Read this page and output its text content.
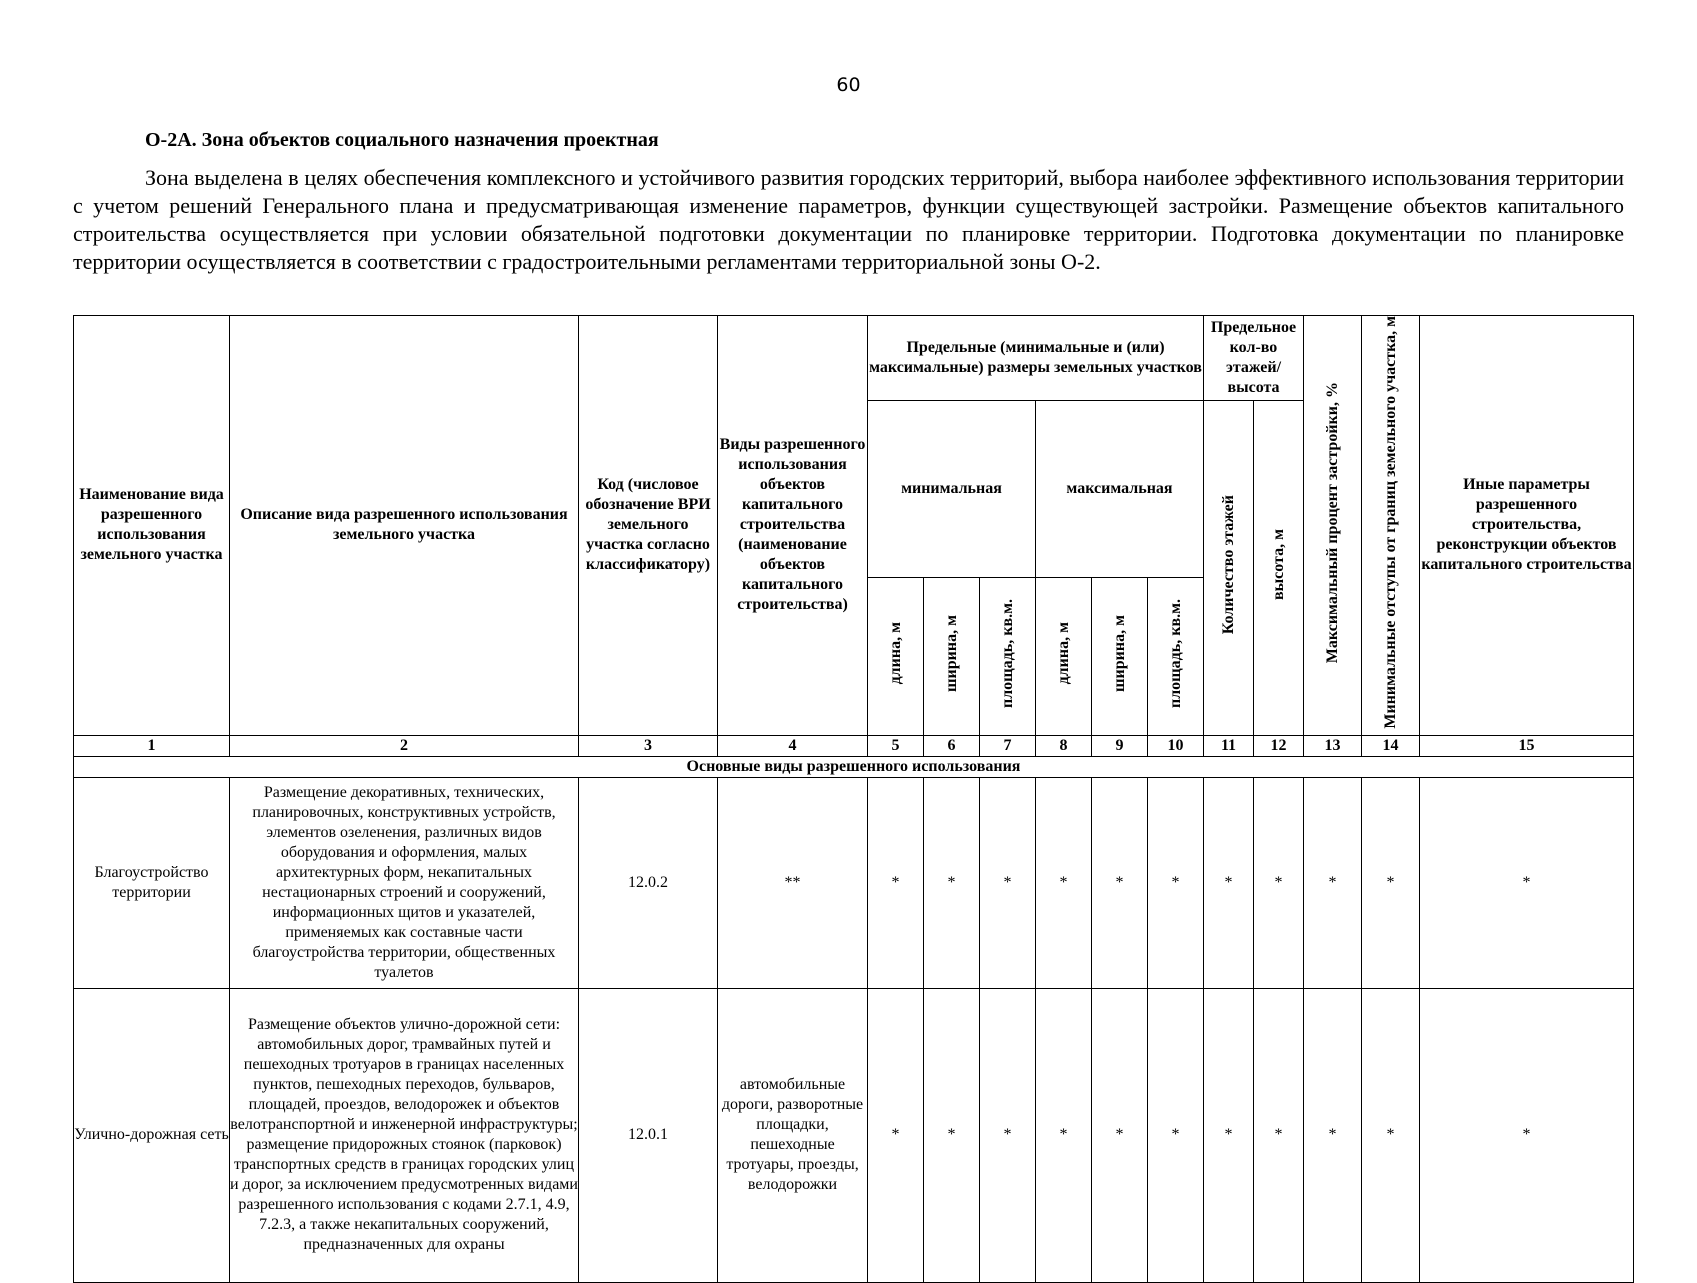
60
О-2А. Зона объектов социального назначения проектная
Зона выделена в целях обеспечения комплексного и устойчивого развития городских территорий, выбора наиболее эффективного использования территории с учетом решений Генерального плана и предусматривающая изменение параметров, функции существующей застройки. Размещение объектов капитального строительства осуществляется при условии обязательной подготовки документации по планировке территории. Подготовка документации по планировке территории осуществляется в соответствии с градостроительными регламентами территориальной зоны О-2.
Наименование вида разрешенного использования земельного участка	Описание вида разрешенного использования земельного участка	Код (числовое обозначение ВРИ земельного участка согласно классификатору)	Виды разрешенного использования объектов капитального строительства (наименование объектов капитального строительства)	Предельные (минимальные и (или) максимальные) размеры земельных участков						Предельное кол-во этажей/ высота		Максимальный процент застройки, %	Минимальные отступы от границ земельного участка, м	Иные параметры разрешенного строительства, реконструкции объектов капитального строительства
				минимальная			максимальная			Количество этажей	высота, м			
				длина, м	ширина, м	площадь, кв.м.	длина, м	ширина, м	площадь, кв.м.					
1	2	3	4	5	6	7	8	9	10	11	12	13	14	15
Основные виды разрешенного использования														
Благоустройство территории	Размещение декоративных, технических, планировочных, конструктивных устройств, элементов озеленения, различных видов оборудования и оформления, малых архитектурных форм, некапитальных нестационарных строений и сооружений, информационных щитов и указателей, применяемых как составные части благоустройства территории, общественных туалетов	12.0.2	**	*	*	*	*	*	*	*	*	*	*	*
Улично-дорожная сеть	Размещение объектов улично-дорожной сети: автомобильных дорог, трамвайных путей и пешеходных тротуаров в границах населенных пунктов, пешеходных переходов, бульваров, площадей, проездов, велодорожек и объектов велотранспортной и инженерной инфраструктуры; размещение придорожных стоянок (парковок) транспортных средств в границах городских улиц и дорог, за исключением предусмотренных видами разрешенного использования с кодами 2.7.1, 4.9, 7.2.3, а также некапитальных сооружений, предназначенных для охраны	12.0.1	автомобильные дороги, разворотные площадки, пешеходные тротуары, проезды, велодорожки	*	*	*	*	*	*	*	*	*	*	*
